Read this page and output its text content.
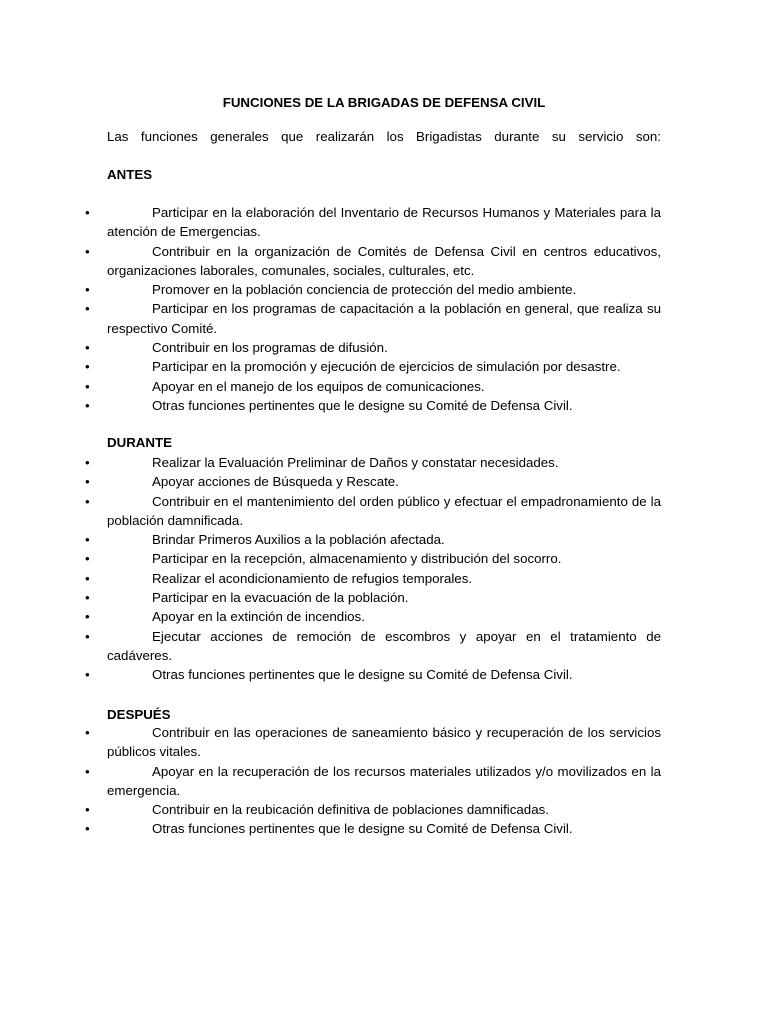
FUNCIONES DE LA BRIGADAS DE DEFENSA CIVIL
Las funciones generales que realizarán los Brigadistas durante su servicio son:
ANTES
•	Participar en la elaboración del Inventario de Recursos Humanos y Materiales para la atención de Emergencias.
•	Contribuir en la organización de Comités de Defensa Civil en centros educativos, organizaciones laborales, comunales, sociales, culturales, etc.
•	Promover en la población conciencia de protección del medio ambiente.
•	Participar en los programas de capacitación a la población en general, que realiza su respectivo Comité.
•	Contribuir en los programas de difusión.
•	Participar en la promoción y ejecución de ejercicios de simulación por desastre.
•	Apoyar en el manejo de los equipos de comunicaciones.
•	Otras funciones pertinentes que le designe su Comité de Defensa Civil.
DURANTE
•	Realizar la Evaluación Preliminar de Daños y constatar necesidades.
•	Apoyar acciones de Búsqueda y Rescate.
•	Contribuir en el mantenimiento del orden público y efectuar el empadronamiento de la población damnificada.
•	Brindar Primeros Auxilios a la población afectada.
•	Participar en la recepción, almacenamiento y distribución del socorro.
•	Realizar el acondicionamiento de refugios temporales.
•	Participar en la evacuación de la población.
•	Apoyar en la extinción de incendios.
•	Ejecutar acciones de remoción de escombros y apoyar en el tratamiento de cadáveres.
•	Otras funciones pertinentes que le designe su Comité de Defensa Civil.
DESPUÉS
•	Contribuir en las operaciones de saneamiento básico y recuperación de los servicios públicos vitales.
•	Apoyar en la recuperación de los recursos materiales utilizados y/o movilizados en la emergencia.
•	Contribuir en la reubicación definitiva de poblaciones damnificadas.
•	Otras funciones pertinentes que le designe su Comité de Defensa Civil.
